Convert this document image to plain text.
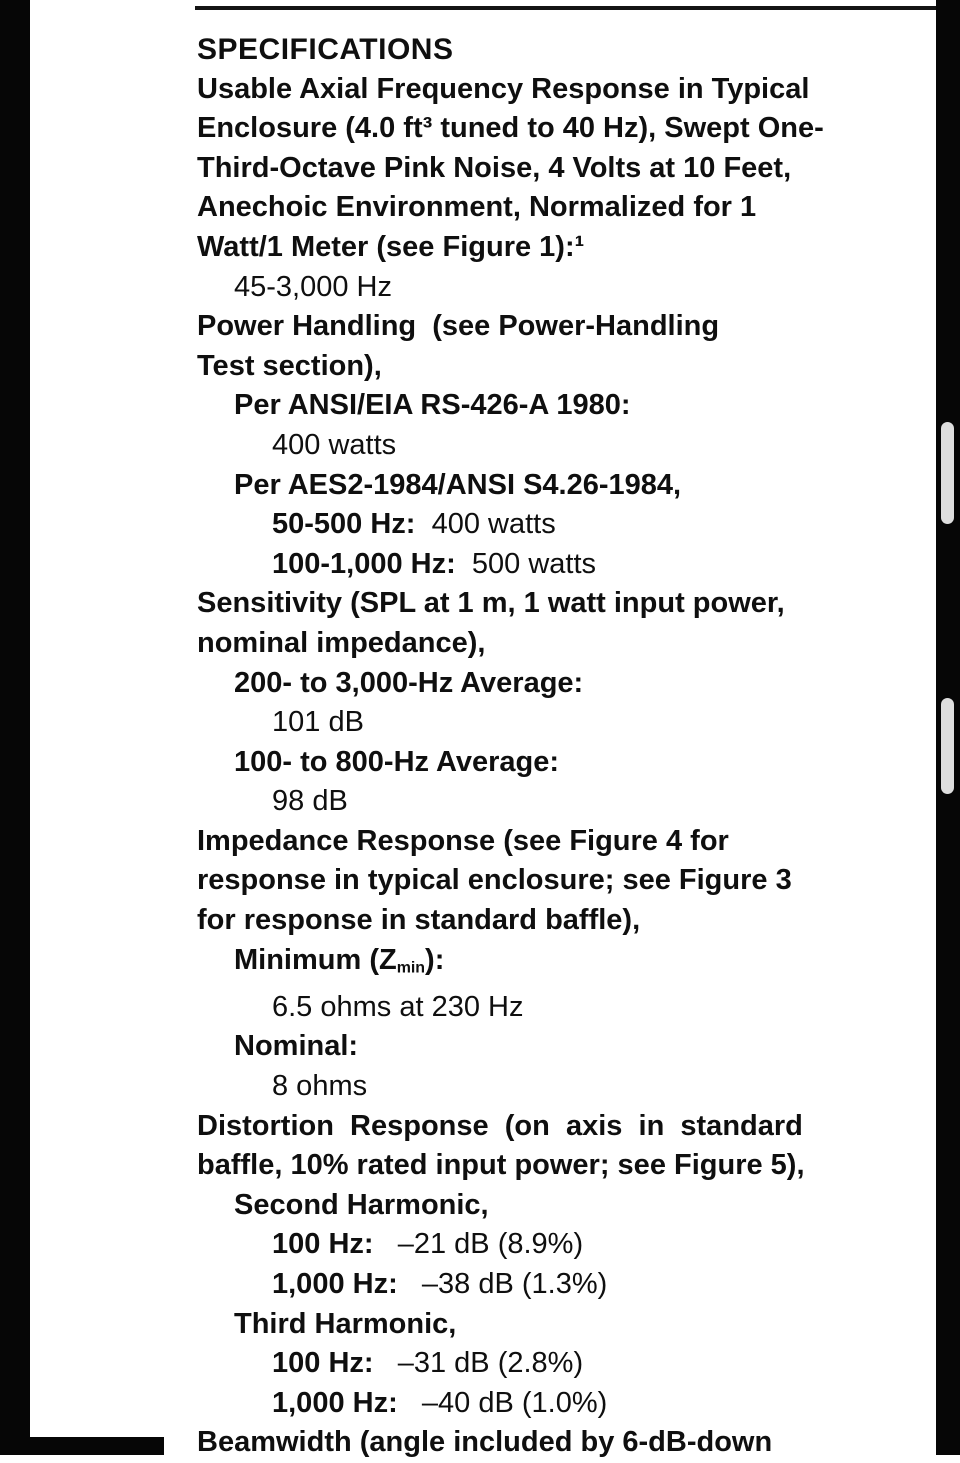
SPECIFICATIONS
Usable Axial Frequency Response in Typical
Enclosure (4.0 ft³ tuned to 40 Hz), Swept One-
Third-Octave Pink Noise, 4 Volts at 10 Feet,
Anechoic Environment, Normalized for 1
Watt/1 Meter (see Figure 1):¹
45-3,000 Hz
Power Handling  (see Power-Handling
Test section),
Per ANSI/EIA RS-426-A 1980:
400 watts
Per AES2-1984/ANSI S4.26-1984,
50-500 Hz:  400 watts
100-1,000 Hz:  500 watts
Sensitivity (SPL at 1 m, 1 watt input power,
nominal impedance),
200- to 3,000-Hz Average:
101 dB
100- to 800-Hz Average:
98 dB
Impedance Response (see Figure 4 for
response in typical enclosure; see Figure 3
for response in standard baffle),
Minimum $(Z_{min})$:
6.5 ohms at 230 Hz
Nominal:
8 ohms
Distortion  Response  (on  axis  in  standard
baffle, 10% rated input power; see Figure 5),
Second Harmonic,
100 Hz:   –21 dB (8.9%)
1,000 Hz:   –38 dB (1.3%)
Third Harmonic,
100 Hz:   –31 dB (2.8%)
1,000 Hz:   –40 dB (1.0%)
Beamwidth (angle included by 6-dB-down
